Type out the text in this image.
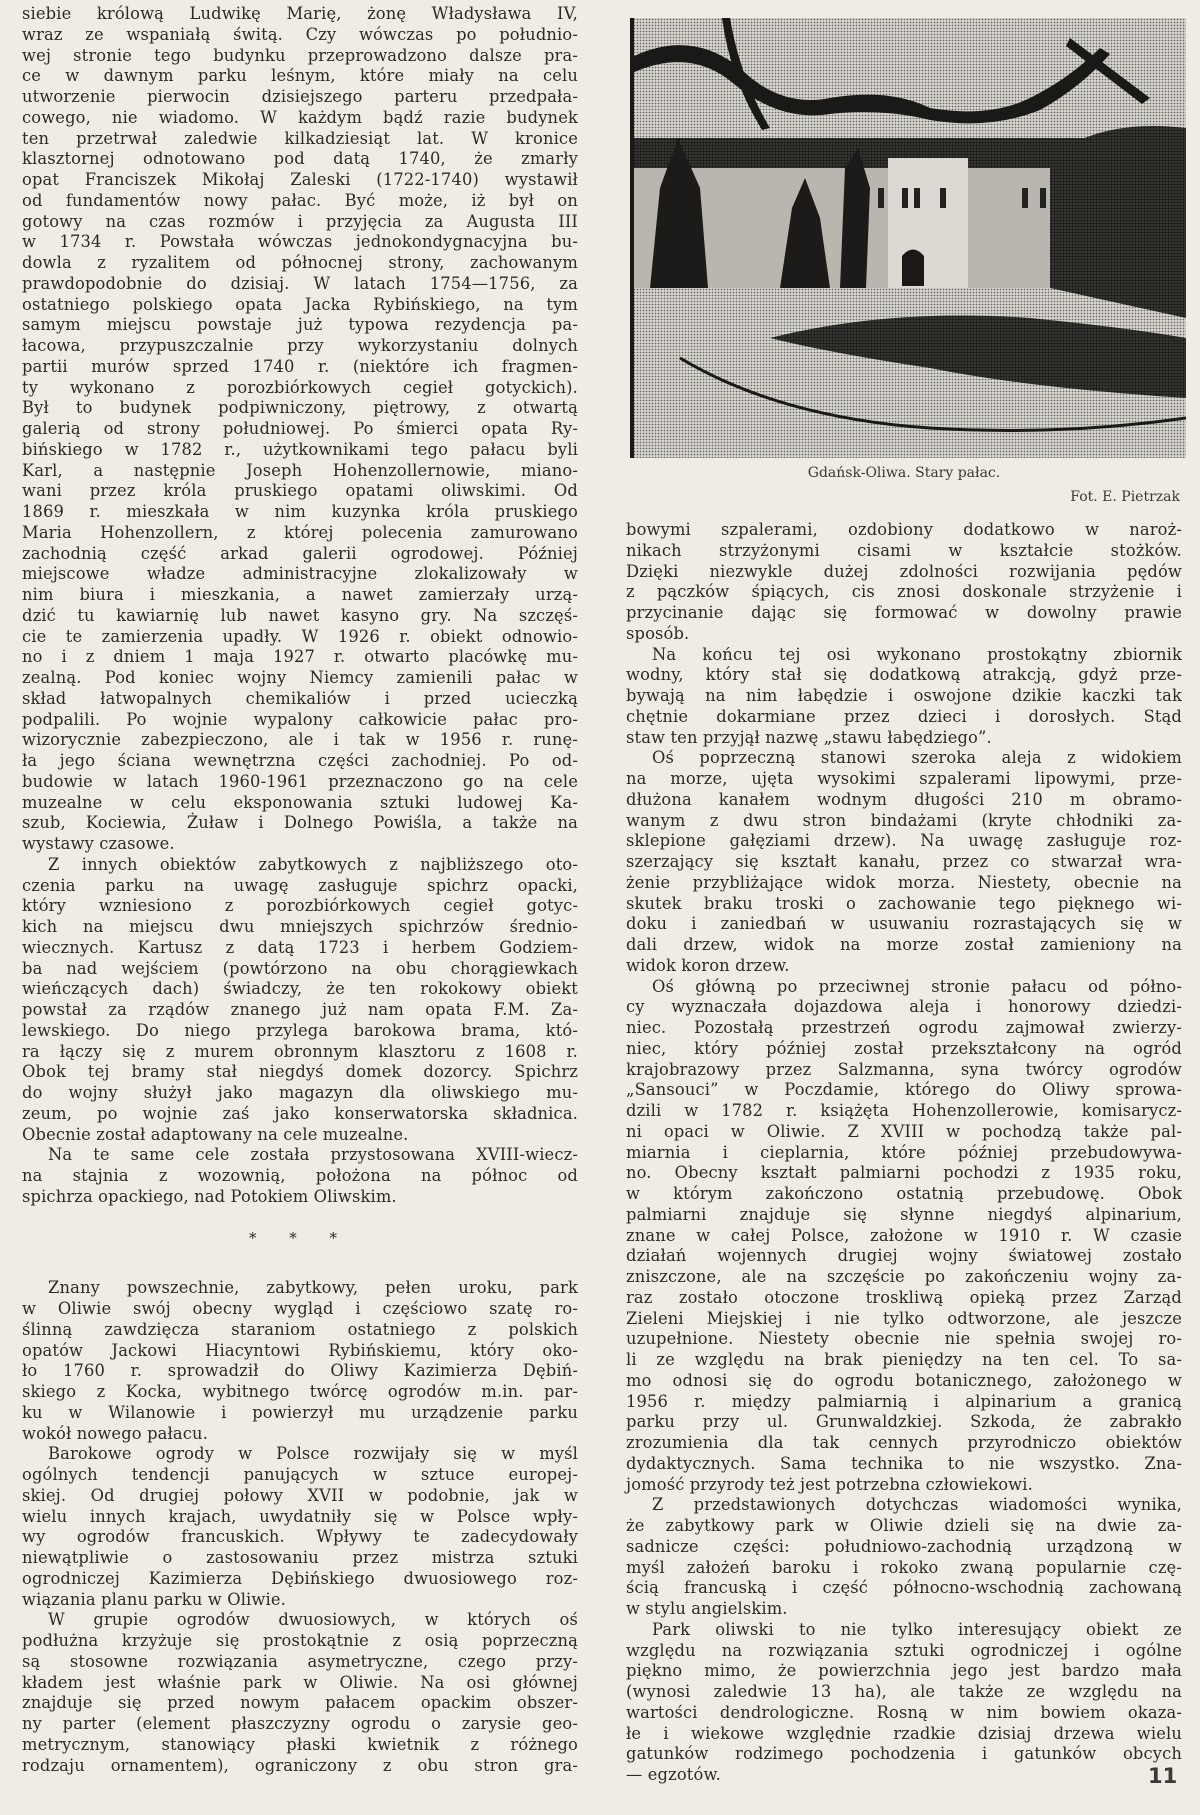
siebie królową Ludwikę Marię, żonę Władysława IV,
wraz ze wspaniałą świtą. Czy wówczas po południo-
wej stronie tego budynku przeprowadzono dalsze pra-
ce w dawnym parku leśnym, które miały na celu
utworzenie pierwocin dzisiejszego parteru przedpała-
cowego, nie wiadomo. W każdym bądź razie budynek
ten przetrwał zaledwie kilkadziesiąt lat. W kronice
klasztornej odnotowano pod datą 1740, że zmarły
opat Franciszek Mikołaj Zaleski (1722-1740) wystawił
od fundamentów nowy pałac. Być może, iż był on
gotowy na czas rozmów i przyjęcia za Augusta III
w 1734 r. Powstała wówczas jednokondygnacyjna bu-
dowla z ryzalitem od północnej strony, zachowanym
prawdopodobnie do dzisiaj. W latach 1754—1756, za
ostatniego polskiego opata Jacka Rybińskiego, na tym
samym miejscu powstaje już typowa rezydencja pa-
łacowa, przypuszczalnie przy wykorzystaniu dolnych
partii murów sprzed 1740 r. (niektóre ich fragmen-
ty wykonano z porozbiórkowych cegieł gotyckich).
Był to budynek podpiwniczony, piętrowy, z otwartą
galerią od strony południowej. Po śmierci opata Ry-
bińskiego w 1782 r., użytkownikami tego pałacu byli
Karl, a następnie Joseph Hohenzollernowie, miano-
wani przez króla pruskiego opatami oliwskimi. Od
1869 r. mieszkała w nim kuzynka króla pruskiego
Maria Hohenzollern, z której polecenia zamurowano
zachodnią część arkad galerii ogrodowej. Później
miejscowe władze administracyjne zlokalizowały w
nim biura i mieszkania, a nawet zamierzały urzą-
dzić tu kawiarnię lub nawet kasyno gry. Na szczęś-
cie te zamierzenia upadły. W 1926 r. obiekt odnowio-
no i z dniem 1 maja 1927 r. otwarto placówkę mu-
zealną. Pod koniec wojny Niemcy zamienili pałac w
skład łatwopalnych chemikaliów i przed ucieczką
podpalili. Po wojnie wypalony całkowicie pałac pro-
wizorycznie zabezpieczono, ale i tak w 1956 r. runę-
ła jego ściana wewnętrzna części zachodniej. Po od-
budowie w latach 1960-1961 przeznaczono go na cele
muzealne w celu eksponowania sztuki ludowej Ka-
szub, Kociewia, Żuław i Dolnego Powiśla, a także na
wystawy czasowe.
Z innych obiektów zabytkowych z najbliższego oto-
czenia parku na uwagę zasługuje spichrz opacki,
który wzniesiono z porozbiórkowych cegieł gotyc-
kich na miejscu dwu mniejszych spichrzów średnio-
wiecznych. Kartusz z datą 1723 i herbem Godziem-
ba nad wejściem (powtórzono na obu chorągiewkach
wieńczących dach) świadczy, że ten rokokowy obiekt
powstał za rządów znanego już nam opata F.M. Za-
lewskiego. Do niego przylega barokowa brama, któ-
ra łączy się z murem obronnym klasztoru z 1608 r.
Obok tej bramy stał niegdyś domek dozorcy. Spichrz
do wojny służył jako magazyn dla oliwskiego mu-
zeum, po wojnie zaś jako konserwatorska składnica.
Obecnie został adaptowany na cele muzealne.
Na te same cele została przystosowana XVIII-wiecz-
na stajnia z wozownią, położona na północ od
spichrza opackiego, nad Potokiem Oliwskim.
* * *
Znany powszechnie, zabytkowy, pełen uroku, park
w Oliwie swój obecny wygląd i częściowo szatę ro-
ślinną zawdzięcza staraniom ostatniego z polskich
opatów Jackowi Hiacyntowi Rybińskiemu, który oko-
ło 1760 r. sprowadził do Oliwy Kazimierza Dębiń-
skiego z Kocka, wybitnego twórcę ogrodów m.in. par-
ku w Wilanowie i powierzył mu urządzenie parku
wokół nowego pałacu.
Barokowe ogrody w Polsce rozwijały się w myśl
ogólnych tendencji panujących w sztuce europej-
skiej. Od drugiej połowy XVII w podobnie, jak w
wielu innych krajach, uwydatniły się w Polsce wpły-
wy ogrodów francuskich. Wpływy te zadecydowały
niewątpliwie o zastosowaniu przez mistrza sztuki
ogrodniczej Kazimierza Dębińskiego dwuosiowego roz-
wiązania planu parku w Oliwie.
W grupie ogrodów dwuosiowych, w których oś
podłużna krzyżuje się prostokątnie z osią poprzeczną
są stosowne rozwiązania asymetryczne, czego przy-
kładem jest właśnie park w Oliwie. Na osi głównej
znajduje się przed nowym pałacem opackim obszer-
ny parter (element płaszczyzny ogrodu o zarysie geo-
metrycznym, stanowiący płaski kwietnik z różnego
rodzaju ornamentem), ograniczony z obu stron gra-
Gdańsk-Oliwa. Stary pałac.
Fot. E. Pietrzak
bowymi szpalerami, ozdobiony dodatkowo w naroż-
nikach strzyżonymi cisami w kształcie stożków.
Dzięki niezwykle dużej zdolności rozwijania pędów
z pączków śpiących, cis znosi doskonale strzyżenie i
przycinanie dając się formować w dowolny prawie
sposób.
Na końcu tej osi wykonano prostokątny zbiornik
wodny, który stał się dodatkową atrakcją, gdyż prze-
bywają na nim łabędzie i oswojone dzikie kaczki tak
chętnie dokarmiane przez dzieci i dorosłych. Stąd
staw ten przyjął nazwę „stawu łabędziego”.
Oś poprzeczną stanowi szeroka aleja z widokiem
na morze, ujęta wysokimi szpalerami lipowymi, prze-
dłużona kanałem wodnym długości 210 m obramo-
wanym z dwu stron bindażami (kryte chłodniki za-
sklepione gałęziami drzew). Na uwagę zasługuje roz-
szerzający się kształt kanału, przez co stwarzał wra-
żenie przybliżające widok morza. Niestety, obecnie na
skutek braku troski o zachowanie tego pięknego wi-
doku i zaniedbań w usuwaniu rozrastających się w
dali drzew, widok na morze został zamieniony na
widok koron drzew.
Oś główną po przeciwnej stronie pałacu od półno-
cy wyznaczała dojazdowa aleja i honorowy dziedzi-
niec. Pozostałą przestrzeń ogrodu zajmował zwierzy-
niec, który później został przekształcony na ogród
krajobrazowy przez Salzmanna, syna twórcy ogrodów
„Sansouci” w Poczdamie, którego do Oliwy sprowa-
dzili w 1782 r. książęta Hohenzollerowie, komisarycz-
ni opaci w Oliwie. Z XVIII w pochodzą także pal-
miarnia i cieplarnia, które później przebudowywa-
no. Obecny kształt palmiarni pochodzi z 1935 roku,
w którym zakończono ostatnią przebudowę. Obok
palmiarni znajduje się słynne niegdyś alpinarium,
znane w całej Polsce, założone w 1910 r. W czasie
działań wojennych drugiej wojny światowej zostało
zniszczone, ale na szczęście po zakończeniu wojny za-
raz zostało otoczone troskliwą opieką przez Zarząd
Zieleni Miejskiej i nie tylko odtworzone, ale jeszcze
uzupełnione. Niestety obecnie nie spełnia swojej ro-
li ze względu na brak pieniędzy na ten cel. To sa-
mo odnosi się do ogrodu botanicznego, założonego w
1956 r. między palmiarnią i alpinarium a granicą
parku przy ul. Grunwaldzkiej. Szkoda, że zabrakło
zrozumienia dla tak cennych przyrodniczo obiektów
dydaktycznych. Sama technika to nie wszystko. Zna-
jomość przyrody też jest potrzebna człowiekowi.
Z przedstawionych dotychczas wiadomości wynika,
że zabytkowy park w Oliwie dzieli się na dwie za-
sadnicze części: południowo-zachodnią urządzoną w
myśl założeń baroku i rokoko zwaną popularnie czę-
ścią francuską i część północno-wschodnią zachowaną
w stylu angielskim.
Park oliwski to nie tylko interesujący obiekt ze
względu na rozwiązania sztuki ogrodniczej i ogólne
piękno mimo, że powierzchnia jego jest bardzo mała
(wynosi zaledwie 13 ha), ale także ze względu na
wartości dendrologiczne. Rosną w nim bowiem okaza-
łe i wiekowe względnie rzadkie dzisiaj drzewa wielu
gatunków rodzimego pochodzenia i gatunków obcych
— egzotów.	11
